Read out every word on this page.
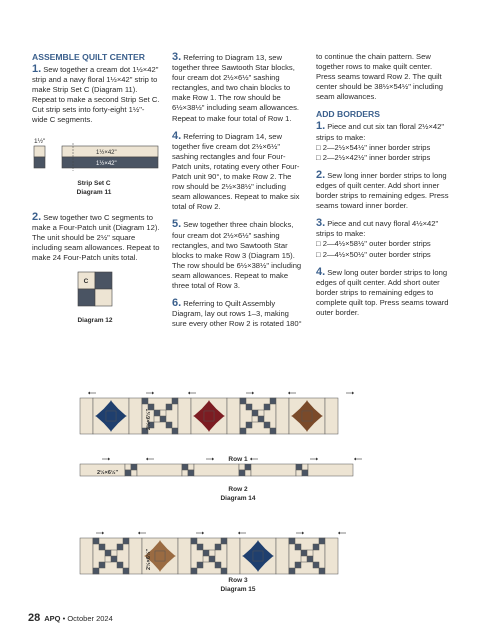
ASSEMBLE QUILT CENTER

1. Sew together a cream dot 1½×42" strip and a navy floral 1½×42" strip to make Strip Set C (Diagram 11). Repeat to make a second Strip Set C. Cut strip sets into forty-eight 1½"-wide C segments.

1½"
1½×42"
1½×42"
Strip Set C
Diagram 11

2. Sew together two C segments to make a Four-Patch unit (Diagram 12). The unit should be 2½" square including seam allowances. Repeat to make 24 Four-Patch units total.

C
Diagram 12

3. Referring to Diagram 13, sew together three Sawtooth Star blocks, four cream dot 2½×6½" sashing rectangles, and two chain blocks to make Row 1. The row should be 6½×38½" including seam allowances. Repeat to make four total of Row 1.

4. Referring to Diagram 14, sew together five cream dot 2½×6½" sashing rectangles and four Four-Patch units, rotating every other Four-Patch unit 90°, to make Row 2. The row should be 2½×38½" including seam allowances. Repeat to make six total of Row 2.

5. Sew together three chain blocks, four cream dot 2½×6½" sashing rectangles, and two Sawtooth Star blocks to make Row 3 (Diagram 15). The row should be 6½×38½" including seam allowances. Repeat to make three total of Row 3.

6. Referring to Quilt Assembly Diagram, lay out rows 1–3, making sure every other Row 2 is rotated 180°

to continue the chain pattern. Sew together rows to make quilt center. Press seams toward Row 2. The quilt center should be 38½×54½" including seam allowances.

ADD BORDERS

1. Piece and cut six tan floral 2½×42" strips to make:
□ 2—2½×54½" inner border strips
□ 2—2½×42½" inner border strips

2. Sew long inner border strips to long edges of quilt center. Add short inner border strips to remaining edges. Press seams toward inner border.

3. Piece and cut navy floral 4½×42" strips to make:
□ 2—4½×58½" outer border strips
□ 2—4½×50½" outer border strips

4. Sew long outer border strips to long edges of quilt center. Add short outer border strips to remaining edges to complete quilt top. Press seams toward outer border.

2½×6½"
Row 1
2½×6½"
Row 2
Diagram 14
2½×6½"
Row 3
Diagram 15
28 APQ • October 2024
